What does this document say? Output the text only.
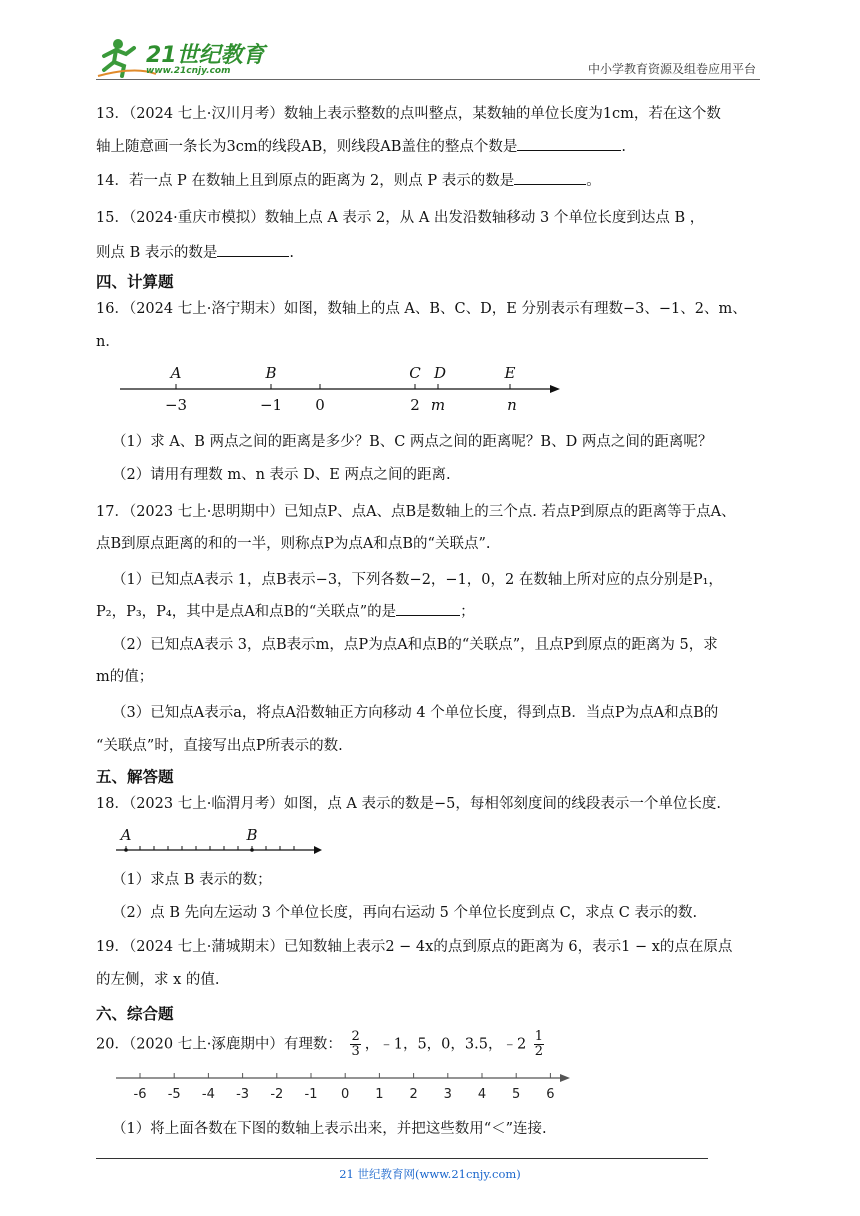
21世纪教育
www.21cnjy.com	中小学教育资源及组卷应用平台
13．（2024 七上·汉川月考）数轴上表示整数的点叫整点，某数轴的单位长度为1cm，若在这个数
轴上随意画一条长为3cm的线段AB，则线段AB盖住的整点个数是	.
14．若一点 P 在数轴上且到原点的距离为 2，则点 P 表示的数是	。
15．（2024·重庆市模拟）数轴上点 A 表示 2，从 A 出发沿数轴移动 3 个单位长度到达点 B ，
则点 B 表示的数是	.
四、计算题
16．（2024 七上·洛宁期末）如图，数轴上的点 A、B、C、D，E 分别表示有理数−3、−1、2、m、
n．
A	B	C D	E
−3	−1 0	2 m	n
（1）求 A、B 两点之间的距离是多少？B、C 两点之间的距离呢？B、D 两点之间的距离呢？
（2）请用有理数 m、n 表示 D、E 两点之间的距离.
17．（2023 七上·思明期中）已知点P、点A、点B是数轴上的三个点. 若点P到原点的距离等于点A、
点B到原点距离的和的一半，则称点P为点A和点B的“关联点”.
（1）已知点A表示 1，点B表示−3，下列各数−2，−1，0，2 在数轴上所对应的点分别是P₁，
P₂，P₃，P₄，其中是点A和点B的“关联点”的是	；
（2）已知点A表示 3，点B表示m，点P为点A和点B的“关联点”，且点P到原点的距离为 5，求
m的值；
（3）已知点A表示a，将点A沿数轴正方向移动 4 个单位长度，得到点B．当点P为点A和点B的
“关联点”时，直接写出点P所表示的数.
五、解答题
18．（2023 七上·临渭月考）如图，点 A 表示的数是−5，每相邻刻度间的线段表示一个单位长度.
A	B
（1）求点 B 表示的数；
（2）点 B 先向左运动 3 个单位长度，再向右运动 5 个单位长度到点 C，求点 C 表示的数.
19．（2024 七上·蒲城期末）已知数轴上表示2 − 4x的点到原点的距离为 6，表示1 − x的点在原点
的左侧，求 x 的值.
六、综合题
20．（2020 七上·涿鹿期中）有理数： $\frac{2}{3}$ ，﹣1，5，0，3.5，﹣2 $\frac{1}{2}$
-6 -5 -4 -3 -2 -1 0 1 2 3 4 5 6
（1）将上面各数在下图的数轴上表示出来，并把这些数用“＜”连接.
21 世纪教育网(www.21cnjy.com)
